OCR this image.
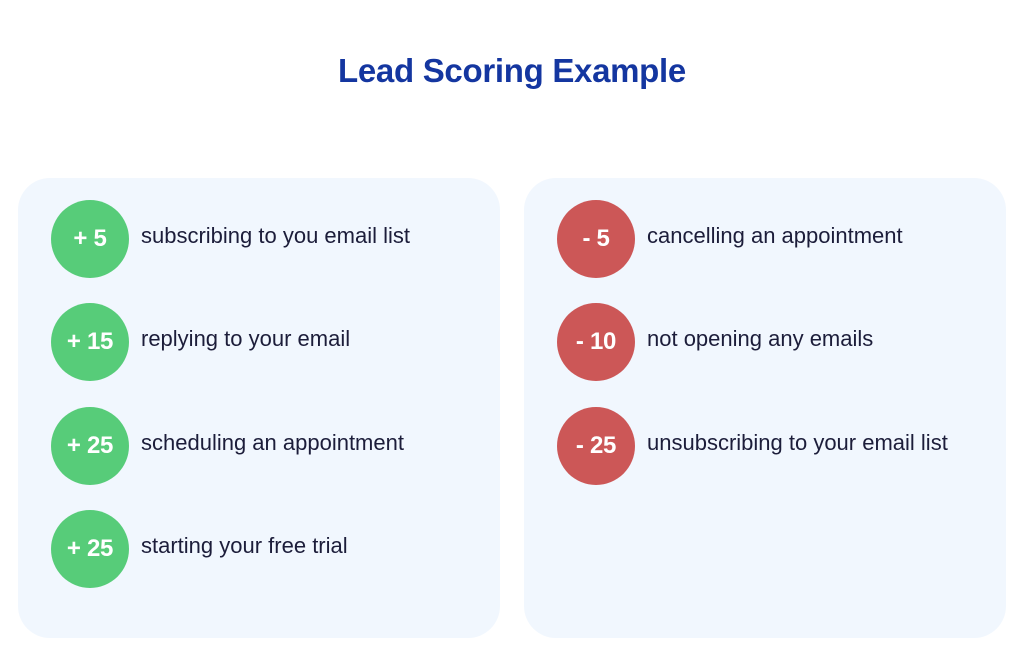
Lead Scoring Example
+ 5	subscribing to you email list
+ 15	replying to your email
+ 25	scheduling an appointment
+ 25	starting your free trial
- 5	cancelling an appointment
- 10	not opening any emails
- 25	unsubscribing to your email list
